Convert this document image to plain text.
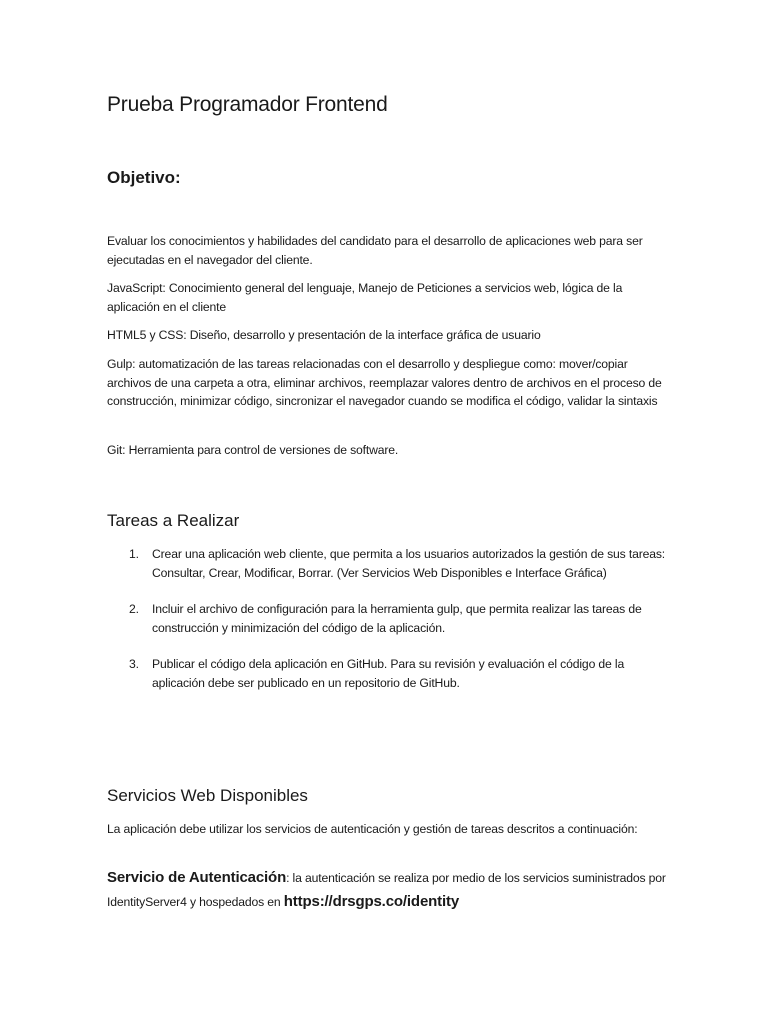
Prueba Programador Frontend
Objetivo:

Evaluar los conocimientos y habilidades del candidato para el desarrollo de aplicaciones web para ser ejecutadas en el navegador del cliente.

JavaScript: Conocimiento general del lenguaje, Manejo de Peticiones a servicios web, lógica de la aplicación en el cliente

HTML5 y CSS: Diseño, desarrollo y presentación de la interface gráfica de usuario

Gulp: automatización de las tareas relacionadas con el desarrollo y despliegue como: mover/copiar archivos de una carpeta a otra, eliminar archivos, reemplazar valores dentro de archivos en el proceso de construcción, minimizar código, sincronizar el navegador cuando se modifica el código, validar la sintaxis

Git: Herramienta para control de versiones de software.

Tareas a Realizar
1. Crear una aplicación web cliente, que permita a los usuarios autorizados la gestión de sus tareas: Consultar, Crear, Modificar, Borrar. (Ver Servicios Web Disponibles e Interface Gráfica)
2. Incluir el archivo de configuración para la herramienta gulp, que permita realizar las tareas de construcción y minimización del código de la aplicación.
3. Publicar el código dela aplicación en GitHub. Para su revisión y evaluación el código de la aplicación debe ser publicado en un repositorio de GitHub.
Servicios Web Disponibles

La aplicación debe utilizar los servicios de autenticación y gestión de tareas descritos a continuación:

Servicio de Autenticación: la autenticación se realiza por medio de los servicios suministrados por IdentityServer4 y hospedados en https://drsgps.co/identity
